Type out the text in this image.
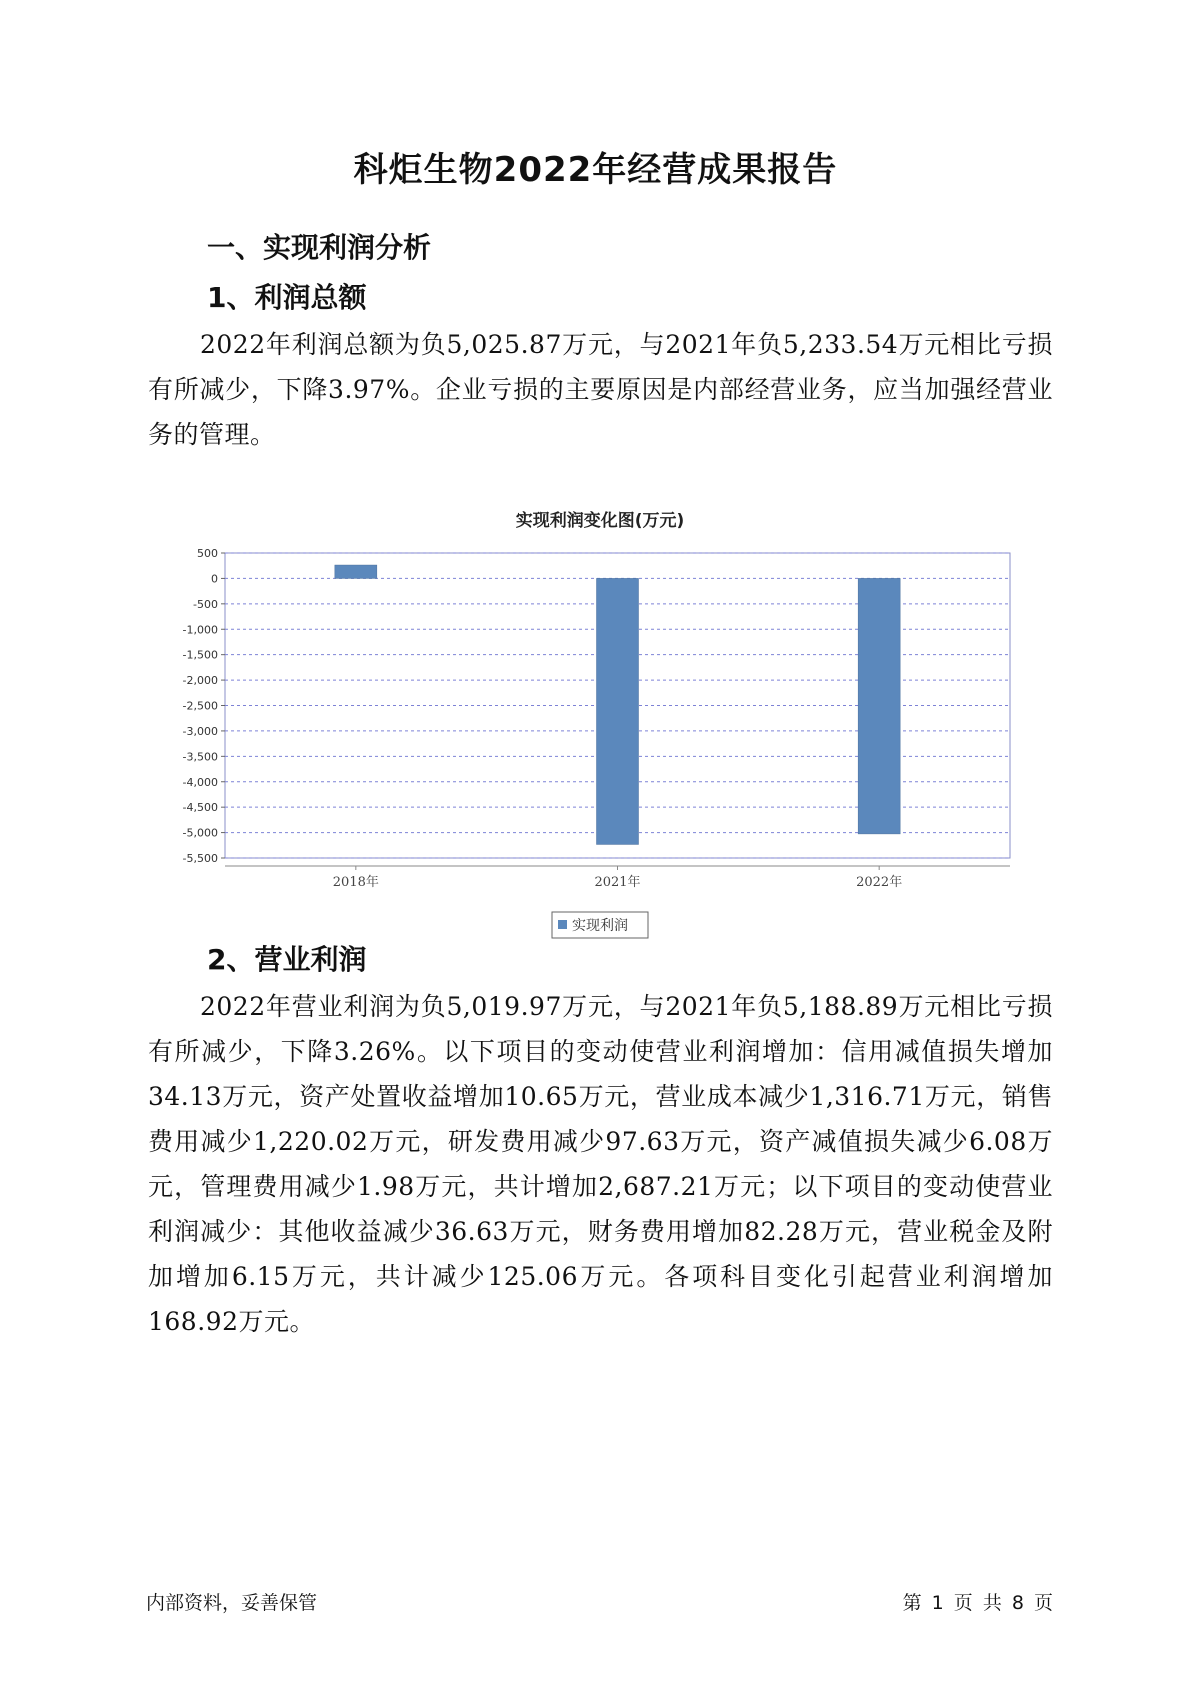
科炬生物2022年经营成果报告
一、实现利润分析
1、利润总额
2022年利润总额为负5,025.87万元，与2021年负5,233.54万元相比亏损有所减少，下降3.97%。企业亏损的主要原因是内部经营业务，应当加强经营业务的管理。
实现利润变化图(万元)
500
0
-500
-1,000
-1,500
-2,000
-2,500
-3,000
-3,500
-4,000
-4,500
-5,000
-5,500
2018年	2021年	2022年
实现利润
2、营业利润
2022年营业利润为负5,019.97万元，与2021年负5,188.89万元相比亏损有所减少，下降3.26%。以下项目的变动使营业利润增加：信用减值损失增加34.13万元，资产处置收益增加10.65万元，营业成本减少1,316.71万元，销售费用减少1,220.02万元，研发费用减少97.63万元，资产减值损失减少6.08万元，管理费用减少1.98万元，共计增加2,687.21万元；以下项目的变动使营业利润减少：其他收益减少36.63万元，财务费用增加82.28万元，营业税金及附加增加6.15万元，共计减少125.06万元。各项科目变化引起营业利润增加168.92万元。
内部资料，妥善保管	第 1 页 共 8 页
